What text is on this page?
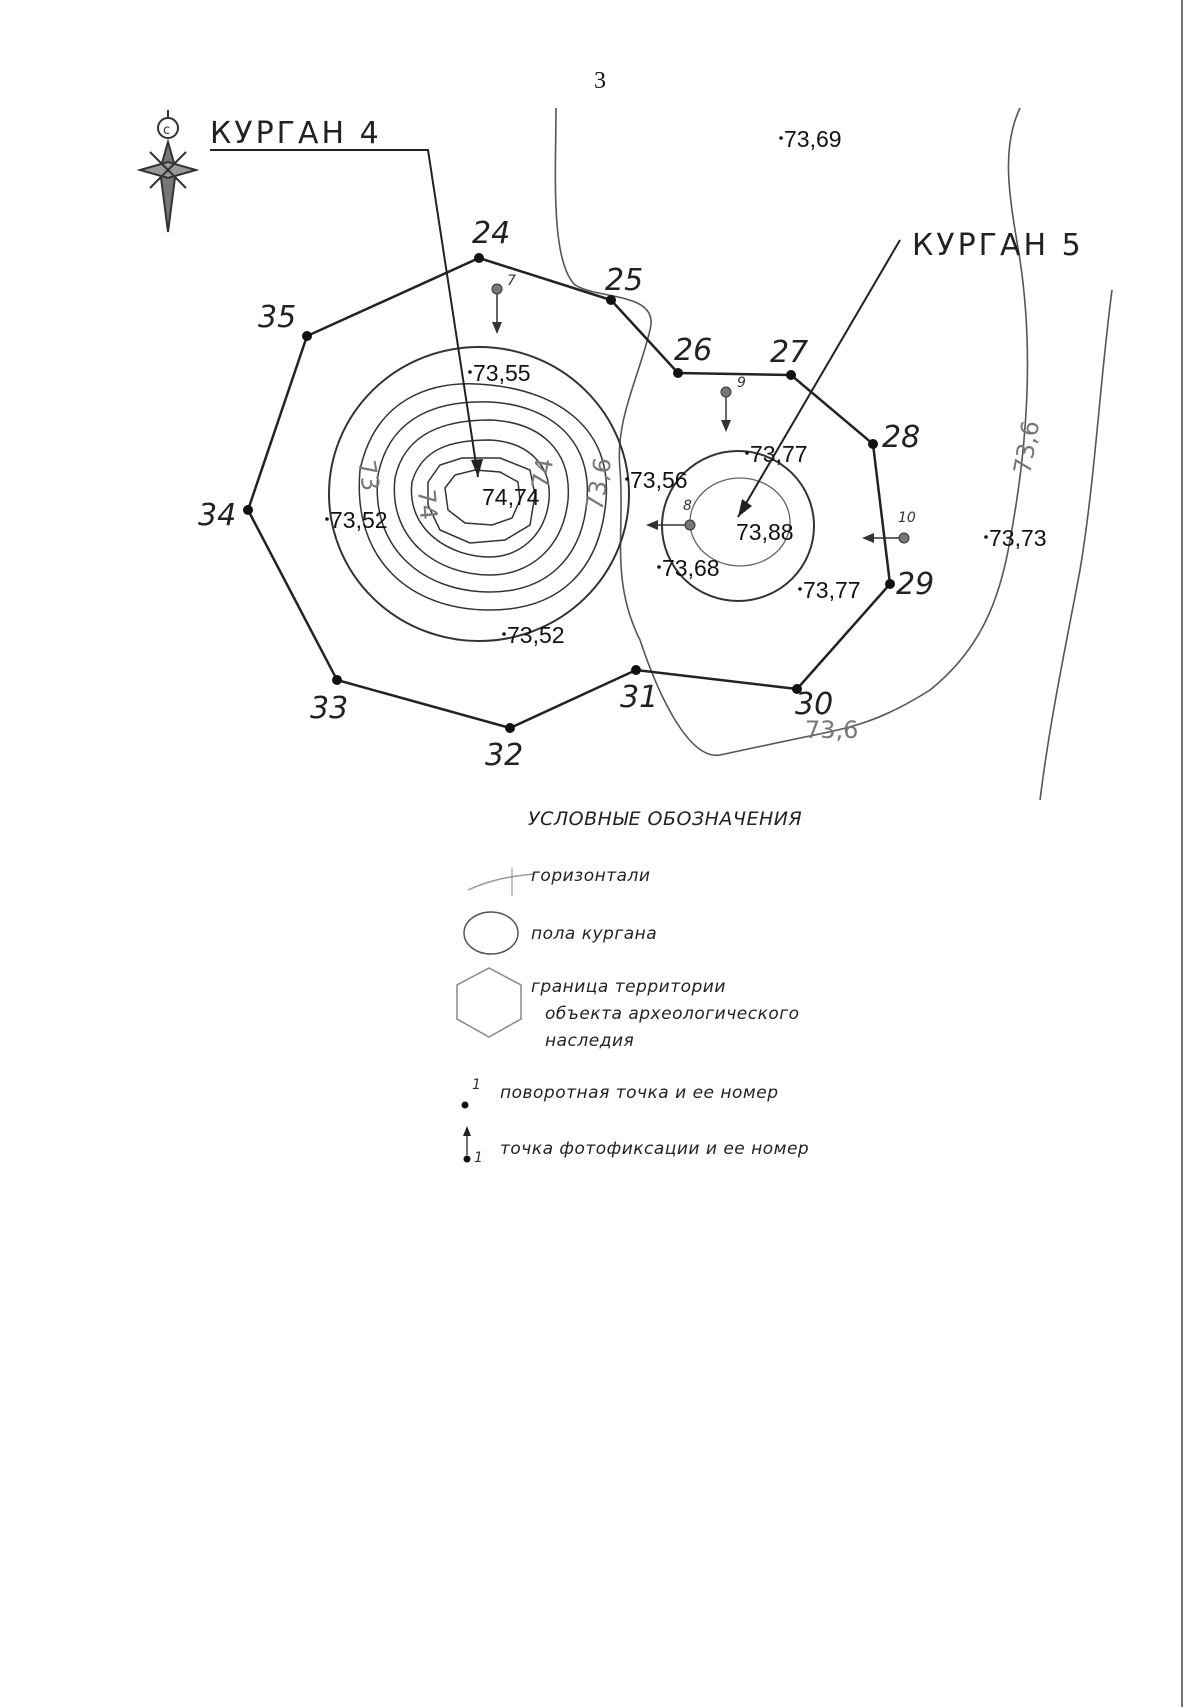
3
c
24
25
26 27
28
29
30
31
32
33
34
35
73,6
73,6
73,6
73
74
74
73,69
73,55
73,56
73,52
73,52
73,77
73,68
73,77
73,73
74,74
73,88
КУРГАН 4
КУРГАН 5
7
8
9
10
УСЛОВНЫЕ ОБОЗНАЧЕНИЯ
горизонтали
пола кургана
граница территории
объекта археологического
наследия
1 поворотная точка и ее номер
1 точка фотофиксации и ее номер
